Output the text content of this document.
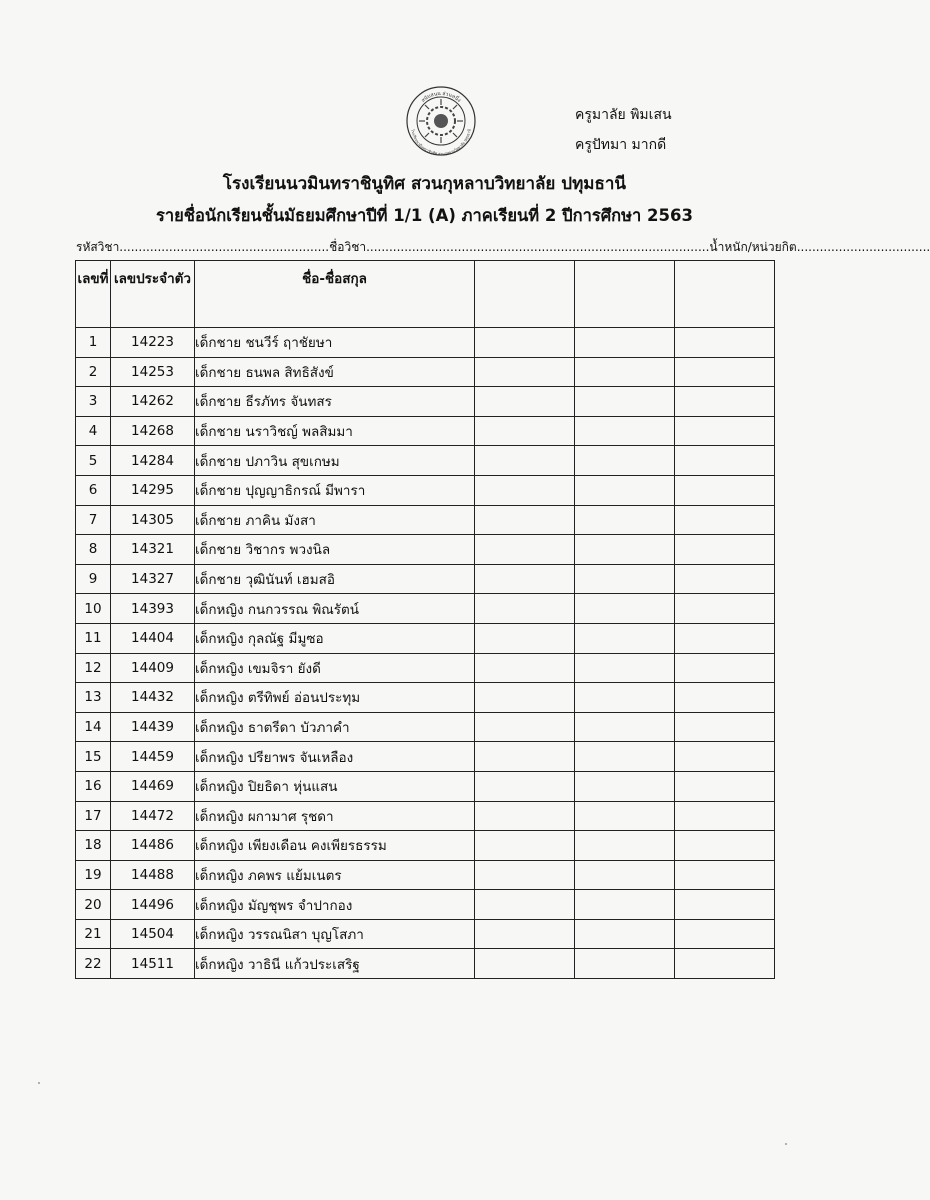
สนับสนุน ส่วนหนึ่ง
โรงเรียนนวมินทราชินูทิศ สวนกุหลาบวิทยาลัย ปทุมธานี
ครูมาลัย พิมเสน
ครูปัทมา มากดี
โรงเรียนนวมินทราชินูทิศ สวนกุหลาบวิทยาลัย ปทุมธานี
รายชื่อนักเรียนชั้นมัธยมศึกษาปีที่ 1/1 (A) ภาคเรียนที่ 2 ปีการศึกษา 2563
รหัสวิชา.......................................................ชื่อวิชา..........................................................................................น้ำหนัก/หน่วยกิต...................................
เลขที่	เลขประจำตัว	ชื่อ-ชื่อสกุล			
1	14223	เด็กชาย ชนวีร์ ฤาชัยษา			
2	14253	เด็กชาย ธนพล สิทธิสังข์			
3	14262	เด็กชาย ธีรภัทร จันทสร			
4	14268	เด็กชาย นราวิชญ์ พลสิมมา			
5	14284	เด็กชาย ปภาวิน สุขเกษม			
6	14295	เด็กชาย ปุญญาธิกรณ์ มีพารา			
7	14305	เด็กชาย ภาคิน มังสา			
8	14321	เด็กชาย วิชากร พวงนิล			
9	14327	เด็กชาย วุฒินันท์ เฮมสอิ			
10	14393	เด็กหญิง กนกวรรณ พิณรัตน์			
11	14404	เด็กหญิง กุลณัฐ มีมูซอ			
12	14409	เด็กหญิง เขมจิรา ยังดี			
13	14432	เด็กหญิง ตรีทิพย์ อ่อนประทุม			
14	14439	เด็กหญิง ธาตรีดา บัวภาคำ			
15	14459	เด็กหญิง ปรียาพร จันเหลือง			
16	14469	เด็กหญิง ปิยธิดา หุ่นแสน			
17	14472	เด็กหญิง ผกามาศ รุชดา			
18	14486	เด็กหญิง เพียงเดือน คงเพียรธรรม			
19	14488	เด็กหญิง ภคพร แย้มเนตร			
20	14496	เด็กหญิง มัญชุพร จำปากอง			
21	14504	เด็กหญิง วรรณนิสา บุญโสภา			
22	14511	เด็กหญิง วาธินี แก้วประเสริฐ			
